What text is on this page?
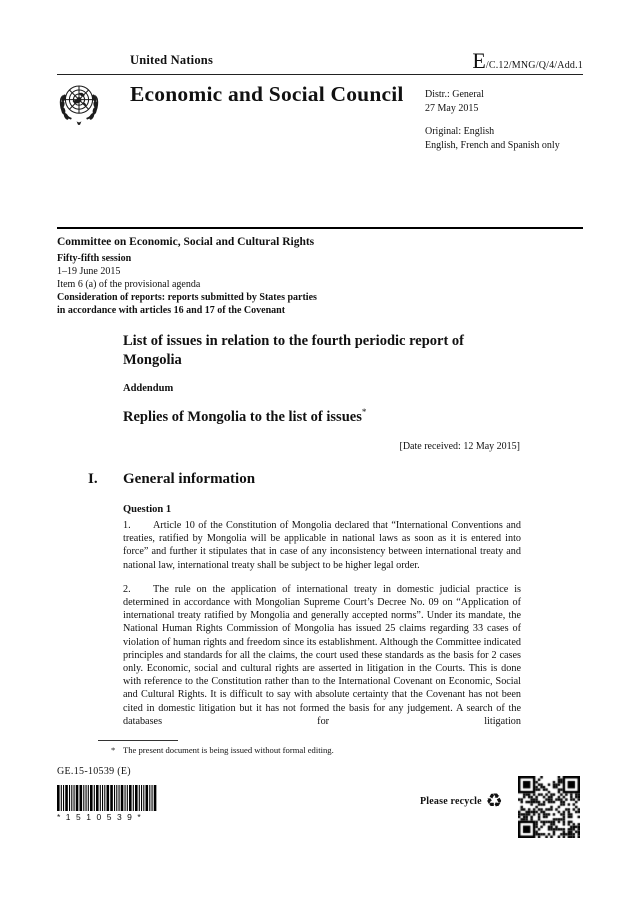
United Nations	E /C.12/MNG/Q/4/Add.1
Economic and Social Council Distr.: General
27 May 2015
Original: English
English, French and Spanish only
Committee on Economic, Social and Cultural Rights
Fifty-fifth session
1–19 June 2015
Item 6 (a) of the provisional agenda
Consideration of reports: reports submitted by States parties
in accordance with articles 16 and 17 of the Covenant
List of issues in relation to the fourth periodic report of Mongolia
Addendum
Replies of Mongolia to the list of issues*
[Date received: 12 May 2015]
I. General information
Question 1

1. Article 10 of the Constitution of Mongolia declared that “International Conventions and treaties, ratified by Mongolia will be applicable in national laws as soon as it is entered into force” and further it stipulates that in case of any inconsistency between international treaty and national law, international treaty shall be subject to be higher legal order.

2. The rule on the application of international treaty in domestic judicial practice is determined in accordance with Mongolian Supreme Court’s Decree No. 09 on “Application of international treaty ratified by Mongolia and generally accepted norms”. Under its mandate, the National Human Rights Commission of Mongolia has issued 25 claims regarding 33 cases of violation of human rights and freedom since its establishment. Although the Committee indicated principles and standards for all the claims, the court used these standards as the basis for 2 cases only. Economic, social and cultural rights are asserted in litigation in the Courts. This is done with reference to the Constitution rather than to the International Covenant on Economic, Social and Cultural Rights. It is difficult to say with absolute certainty that the Covenant has not been cited in domestic litigation but it has not formed the basis for any judgement. A search of the databases for litigation

* The present document is being issued without formal editing.
GE.15-10539 (E)
*1510539*
Please recycle ♻
